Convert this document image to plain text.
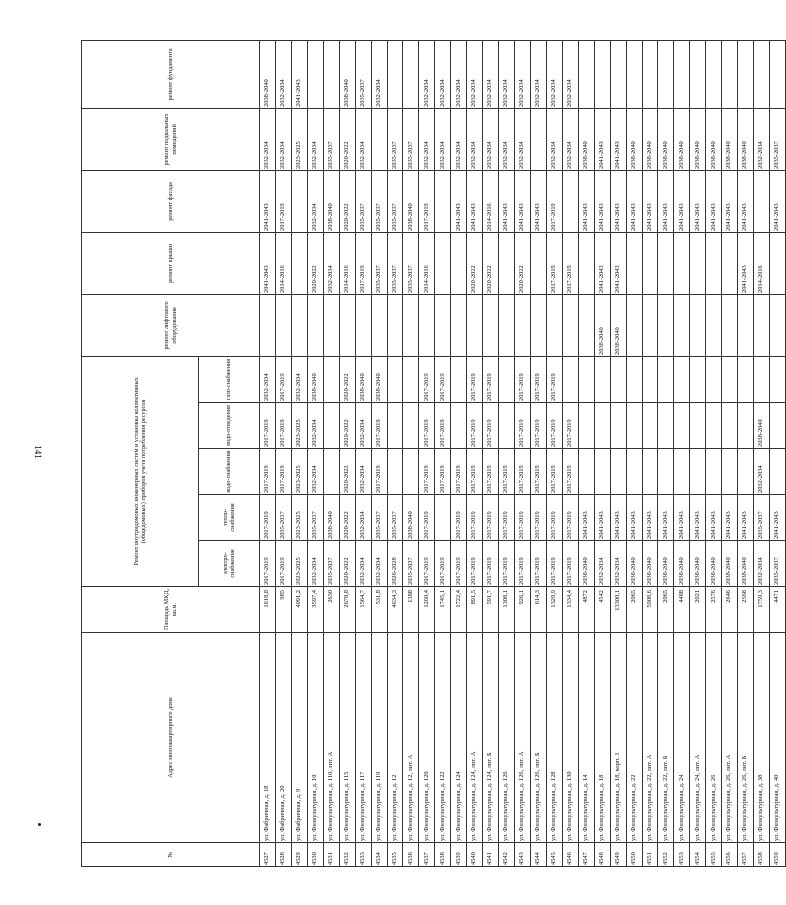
141
№	Адрес многоквартирного дома	Площадь МКД, кв.м.	Ремонт внутридомовых инженерных систем и установка коллективных (общедомовых) приборов учета потребления ресурсов					ремонт лифтового оборудования	ремонт крыши	ремонт фасада	ремонт подвальных помещений	ремонт фундамента
			электро-снабжения	тепло-снабжения	водо-снабжения	водо-отведения	газо-снабжения					
4527	ул. Фабричная, д. 18	1618,8	2017-2019	2017-2019	2017-2019	2017-2019	2032-2034		2041-2043	2041-2043	2032-2034	2038-2040
4528	ул. Фабричная, д. 20	985	2017-2019	2035-2037	2017-2019	2017-2019	2017-2019		2014-2016	2017-2019	2032-2034	2032-2034
4529	ул. Фабричная, д. 9	4091,2	2023-2025	2023-2025	2023-2025	2023-2025	2032-2034				2023-2025	2041-2043
4530	ул. Физкультурная, д. 10	3597,4	2032-2034	2035-2037	2032-2034	2032-2034	2038-2040		2020-2022	2032-2034	2032-2034	
4531	ул. Физкультурная, д. 110, лит. А	2630	2035-2037	2038-2040					2032-2034	2038-2040	2035-2037	
4532	ул. Физкультурная, д. 115	2678,8	2020-2022	2020-2022	2020-2022	2020-2022	2020-2022		2014-2016	2020-2022	2020-2022	2038-2040
4533	ул. Физкультурная, д. 117	1564,7	2032-2034	2032-2034	2032-2034	2032-2034	2038-2040		2017-2019	2035-2037	2032-2034	2035-2037
4534	ул. Физкультурная, д. 119	531,8	2032-2034	2035-2037	2017-2019	2017-2019	2038-2040		2035-2037	2035-2037		2032-2034
4535	ул. Физкультурная, д. 12	4634,3	2026-2028	2035-2037					2035-2037	2035-2037	2035-2037	
4536	ул. Физкультурная, д. 12, лит. А	1388	2035-2037	2038-2040					2035-2037	2038-2040	2035-2037	
4537	ул. Физкультурная, д. 120	1260,4	2017-2019	2017-2019	2017-2019	2017-2019	2017-2019		2014-2016	2017-2019	2032-2034	2032-2034
4538	ул. Физкультурная, д. 122	1745,1	2017-2019		2017-2019	2017-2019	2017-2019				2032-2034	2032-2034
4539	ул. Физкультурная, д. 124	1722,4	2017-2019	2017-2019	2017-2019					2041-2043	2032-2034	2032-2034
4540	ул. Физкультурная, д. 124, лит. А	891,5	2017-2019	2017-2019	2017-2019	2017-2019	2017-2019		2020-2022	2041-2043	2032-2034	2032-2034
4541	ул. Физкультурная, д. 124, лит. Б	591,7	2017-2019	2017-2019	2017-2019	2017-2019	2017-2019		2020-2022	2014-2016	2032-2034	2032-2034
4542	ул. Физкультурная, д. 126	1308,1	2017-2019	2017-2019	2017-2019					2041-2043	2032-2034	2032-2034
4543	ул. Физкультурная, д. 126, лит. А	926,1	2017-2019	2017-2019	2017-2019	2017-2019	2017-2019		2020-2022	2041-2043	2032-2034	2032-2034
4544	ул. Физкультурная, д. 126, лит. Б	614,3	2017-2019	2017-2019	2017-2019	2017-2019	2017-2019			2041-2043		2032-2034
4545	ул. Физкультурная, д. 128	1329,9	2017-2019	2017-2019	2017-2019	2017-2019	2017-2019		2017-2019	2017-2019	2032-2034	2032-2034
4546	ул. Физкультурная, д. 130	1334,4	2017-2019	2017-2019	2017-2019	2017-2019			2017-2019		2032-2034	2032-2034
4547	ул. Физкультурная, д. 14	4872	2038-2040	2041-2043						2041-2043	2038-2040	
4548	ул. Физкультурная, д. 18	4542	2032-2034	2041-2043				2038-2040	2041-2043	2041-2043	2041-2043	
4549	ул. Физкультурная, д. 18, корп. 1	13300,1	2032-2034	2041-2043				2038-2040	2041-2043	2041-2043	2041-2043	
4550	ул. Физкультурная, д. 22	2065	2038-2040	2041-2043						2041-2043	2038-2040	
4551	ул. Физкультурная, д. 22, лит. А	5908,6	2038-2040	2041-2043						2041-2043	2038-2040	
4552	ул. Физкультурная, д. 22, лит. Б	2065	2038-2040	2041-2043						2041-2043	2038-2040	
4553	ул. Физкультурная, д. 24	4488	2038-2040	2041-2043						2041-2043	2038-2040	
4554	ул. Физкультурная, д. 24, лит. А	2021	2038-2040	2041-2043						2041-2043	2038-2040	
4555	ул. Физкультурная, д. 26	2576	2038-2040	2041-2043						2041-2043	2038-2040	
4556	ул. Физкультурная, д. 26, лит. А	2646	2038-2040	2041-2043						2041-2043	2038-2040	
4557	ул. Физкультурная, д. 26, лит. Б	2568	2038-2040	2041-2043					2041-2043	2041-2043	2038-2040	
4558	ул. Физкультурная, д. 38	1759,3	2032-2034	2035-2037	2032-2034	2038-2040			2014-2016		2032-2034	
4559	ул. Физкультурная, д. 40	4471	2035-2037	2041-2043						2041-2043	2035-2037	
